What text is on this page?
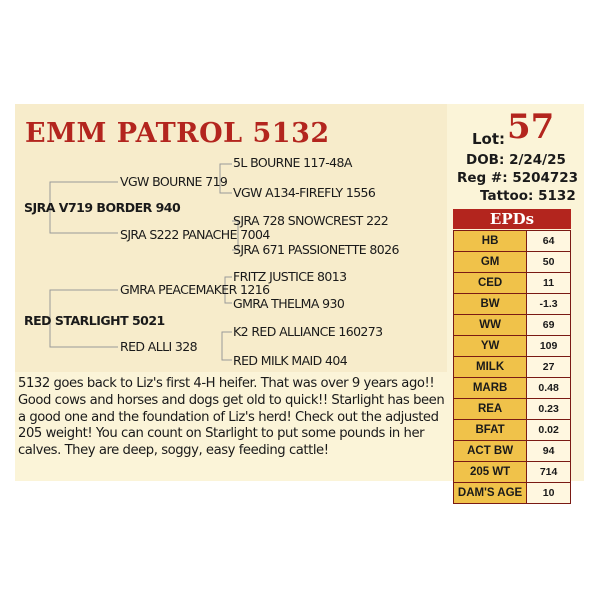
EMM PATROL 5132
5L BOURNE 117-48A
VGW BOURNE 719
VGW A134-FIREFLY 1556
SJRA V719 BORDER 940
SJRA 728 SNOWCREST 222
SJRA S222 PANACHE 7004
SJRA 671 PASSIONETTE 8026
FRITZ JUSTICE 8013
GMRA PEACEMAKER 1216
GMRA THELMA 930
RED STARLIGHT 5021
K2 RED ALLIANCE 160273
RED ALLI 328
RED MILK MAID 404
Lot: 57
DOB: 2/24/25
Reg #: 5204723
Tattoo: 5132
EPDs
HB	64
GM	50
CED	11
BW	-1.3
WW	69
YW	109
MILK	27
MARB	0.48
REA	0.23
BFAT	0.02
ACT BW	94
205 WT	714
DAM'S AGE	10
5132 goes back to Liz's first 4-H heifer. That was over 9 years ago!! Good cows and horses and dogs get old to quick!! Starlight has been a good one and the foundation of Liz's herd! Check out the adjusted 205 weight! You can count on Starlight to put some pounds in her calves. They are deep, soggy, easy feeding cattle!
